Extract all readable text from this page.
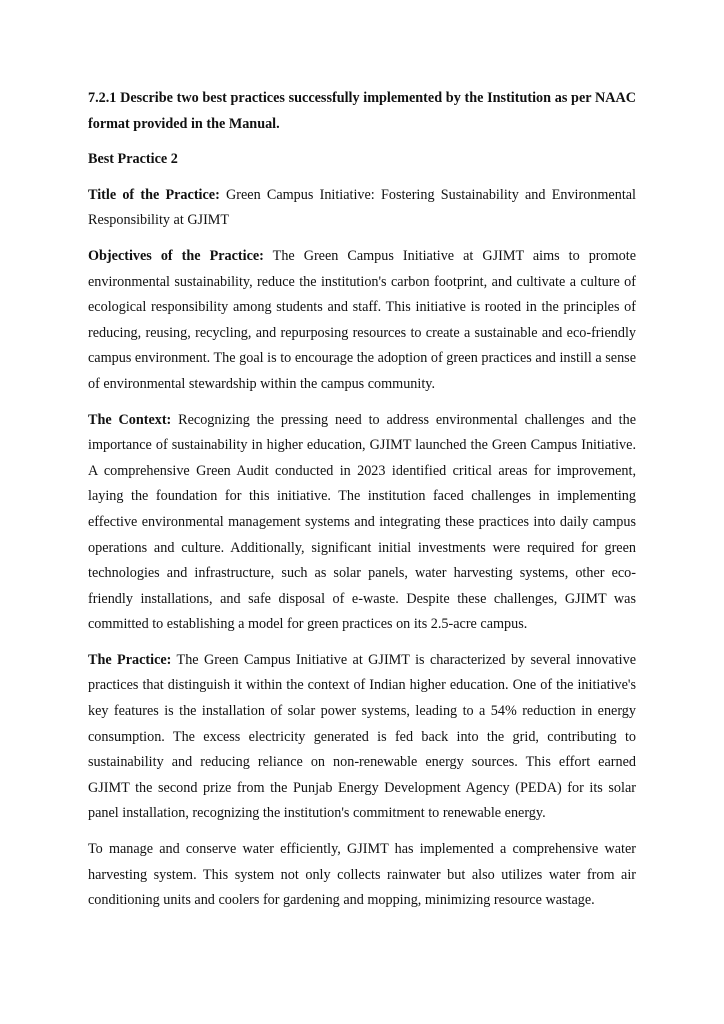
7.2.1 Describe two best practices successfully implemented by the Institution as per NAAC format provided in the Manual.

Best Practice 2

Title of the Practice: Green Campus Initiative: Fostering Sustainability and Environmental Responsibility at GJIMT

Objectives of the Practice: The Green Campus Initiative at GJIMT aims to promote environmental sustainability, reduce the institution's carbon footprint, and cultivate a culture of ecological responsibility among students and staff. This initiative is rooted in the principles of reducing, reusing, recycling, and repurposing resources to create a sustainable and eco-friendly campus environment. The goal is to encourage the adoption of green practices and instill a sense of environmental stewardship within the campus community.

The Context: Recognizing the pressing need to address environmental challenges and the importance of sustainability in higher education, GJIMT launched the Green Campus Initiative. A comprehensive Green Audit conducted in 2023 identified critical areas for improvement, laying the foundation for this initiative. The institution faced challenges in implementing effective environmental management systems and integrating these practices into daily campus operations and culture. Additionally, significant initial investments were required for green technologies and infrastructure, such as solar panels, water harvesting systems, other eco-friendly installations, and safe disposal of e-waste. Despite these challenges, GJIMT was committed to establishing a model for green practices on its 2.5-acre campus.

The Practice: The Green Campus Initiative at GJIMT is characterized by several innovative practices that distinguish it within the context of Indian higher education. One of the initiative's key features is the installation of solar power systems, leading to a 54% reduction in energy consumption. The excess electricity generated is fed back into the grid, contributing to sustainability and reducing reliance on non-renewable energy sources. This effort earned GJIMT the second prize from the Punjab Energy Development Agency (PEDA) for its solar panel installation, recognizing the institution's commitment to renewable energy.

To manage and conserve water efficiently, GJIMT has implemented a comprehensive water harvesting system. This system not only collects rainwater but also utilizes water from air conditioning units and coolers for gardening and mopping, minimizing resource wastage.
